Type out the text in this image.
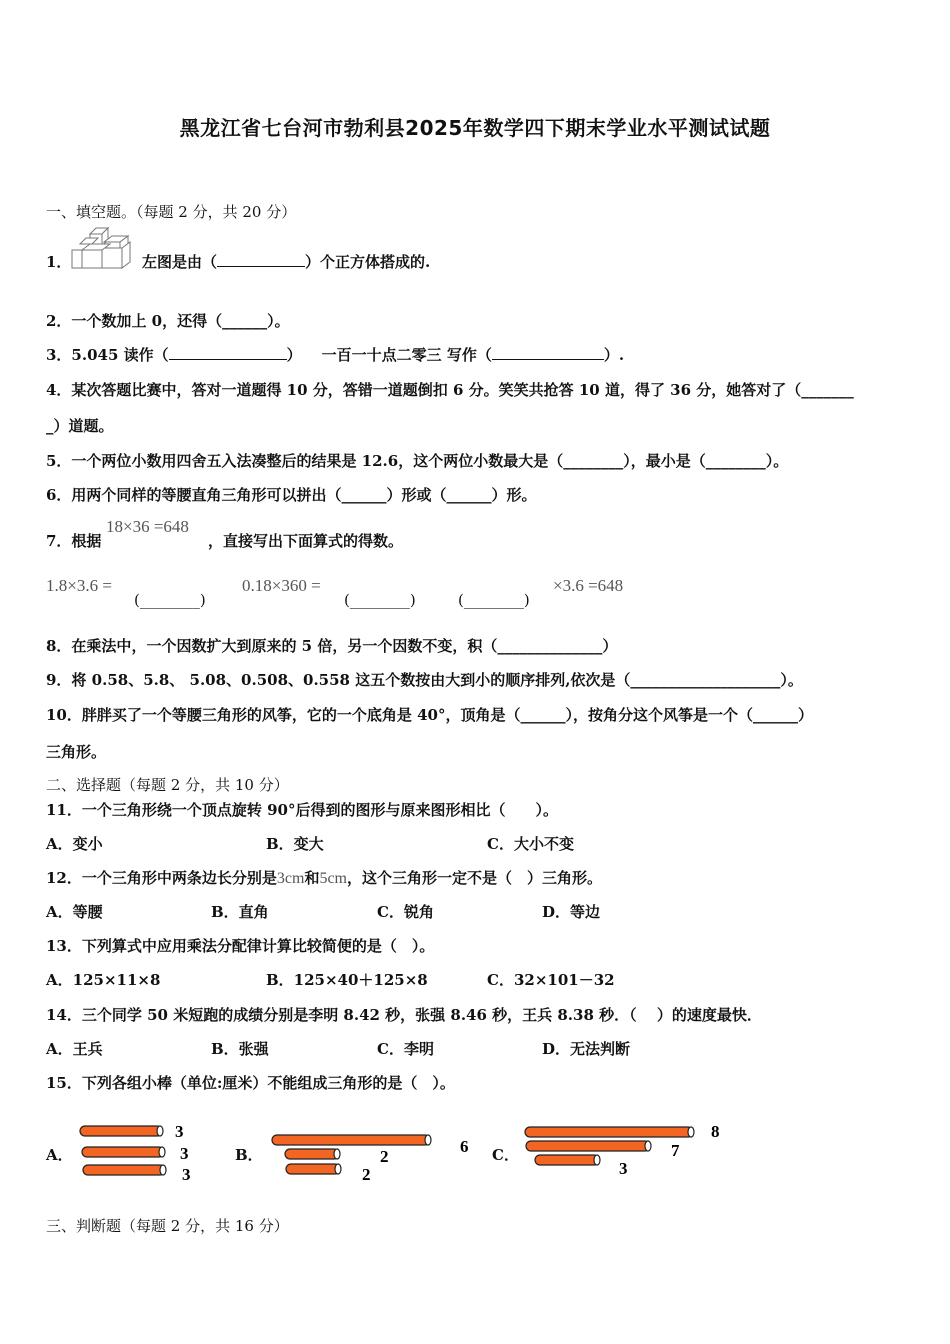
黑龙江省七台河市勃利县2025年数学四下期末学业水平测试试题
一、填空题。（每题 2 分，共 20 分）
1．	左图是由（	）个正方体搭成的.
2．一个数加上 0，还得（______）。
3．5.045 读作（	） 一百一十点二零三 写作（	）.
4．某次答题比赛中，答对一道题得 10 分，答错一道题倒扣 6 分。笑笑共抢答 10 道，得了 36 分，她答对了（_______
_）道题。
5．一个两位小数用四舍五入法凑整后的结果是 12.6，这个两位小数最大是（________），最小是（________）。
6．用两个同样的等腰直角三角形可以拼出（______）形或（______）形。
7．根据
18×36 =648
，直接写出下面算式的得数。
1.8×3.6 =
(________)
0.18×360 =
(________)	(________)
×3.6 =648
8．在乘法中，一个因数扩大到原来的 5 倍，另一个因数不变，积（______________）
9．将 0.58、5.8、 5.08、0.508、0.558 这五个数按由大到小的顺序排列,依次是（____________________）。
10．胖胖买了一个等腰三角形的风筝，它的一个底角是 40°，顶角是（______），按角分这个风筝是一个（______）
三角形。
二、选择题（每题 2 分，共 10 分）
11．一个三角形绕一个顶点旋转 90°后得到的图形与原来图形相比（　　）。
A．变小	B．变大	C．大小不变
12．一个三角形中两条边长分别是3cm和5cm，这个三角形一定不是（　）三角形。
A．等腰	B．直角	C．锐角	D．等边
13．下列算式中应用乘法分配律计算比较简便的是（　）。
A．125×11×8	B．125×40＋125×8	C．32×101－32
14．三个同学 50 米短跑的成绩分别是李明 8.42 秒，张强 8.46 秒，王兵 8.38 秒．（　 ）的速度最快．
A．王兵	B．张强	C．李明	D．无法判断
15．下列各组小棒（单位:厘米）不能组成三角形的是（　）。
A．	B．	C．
3
3
3
6
2
2
8
7
3
三、判断题（每题 2 分，共 16 分）
